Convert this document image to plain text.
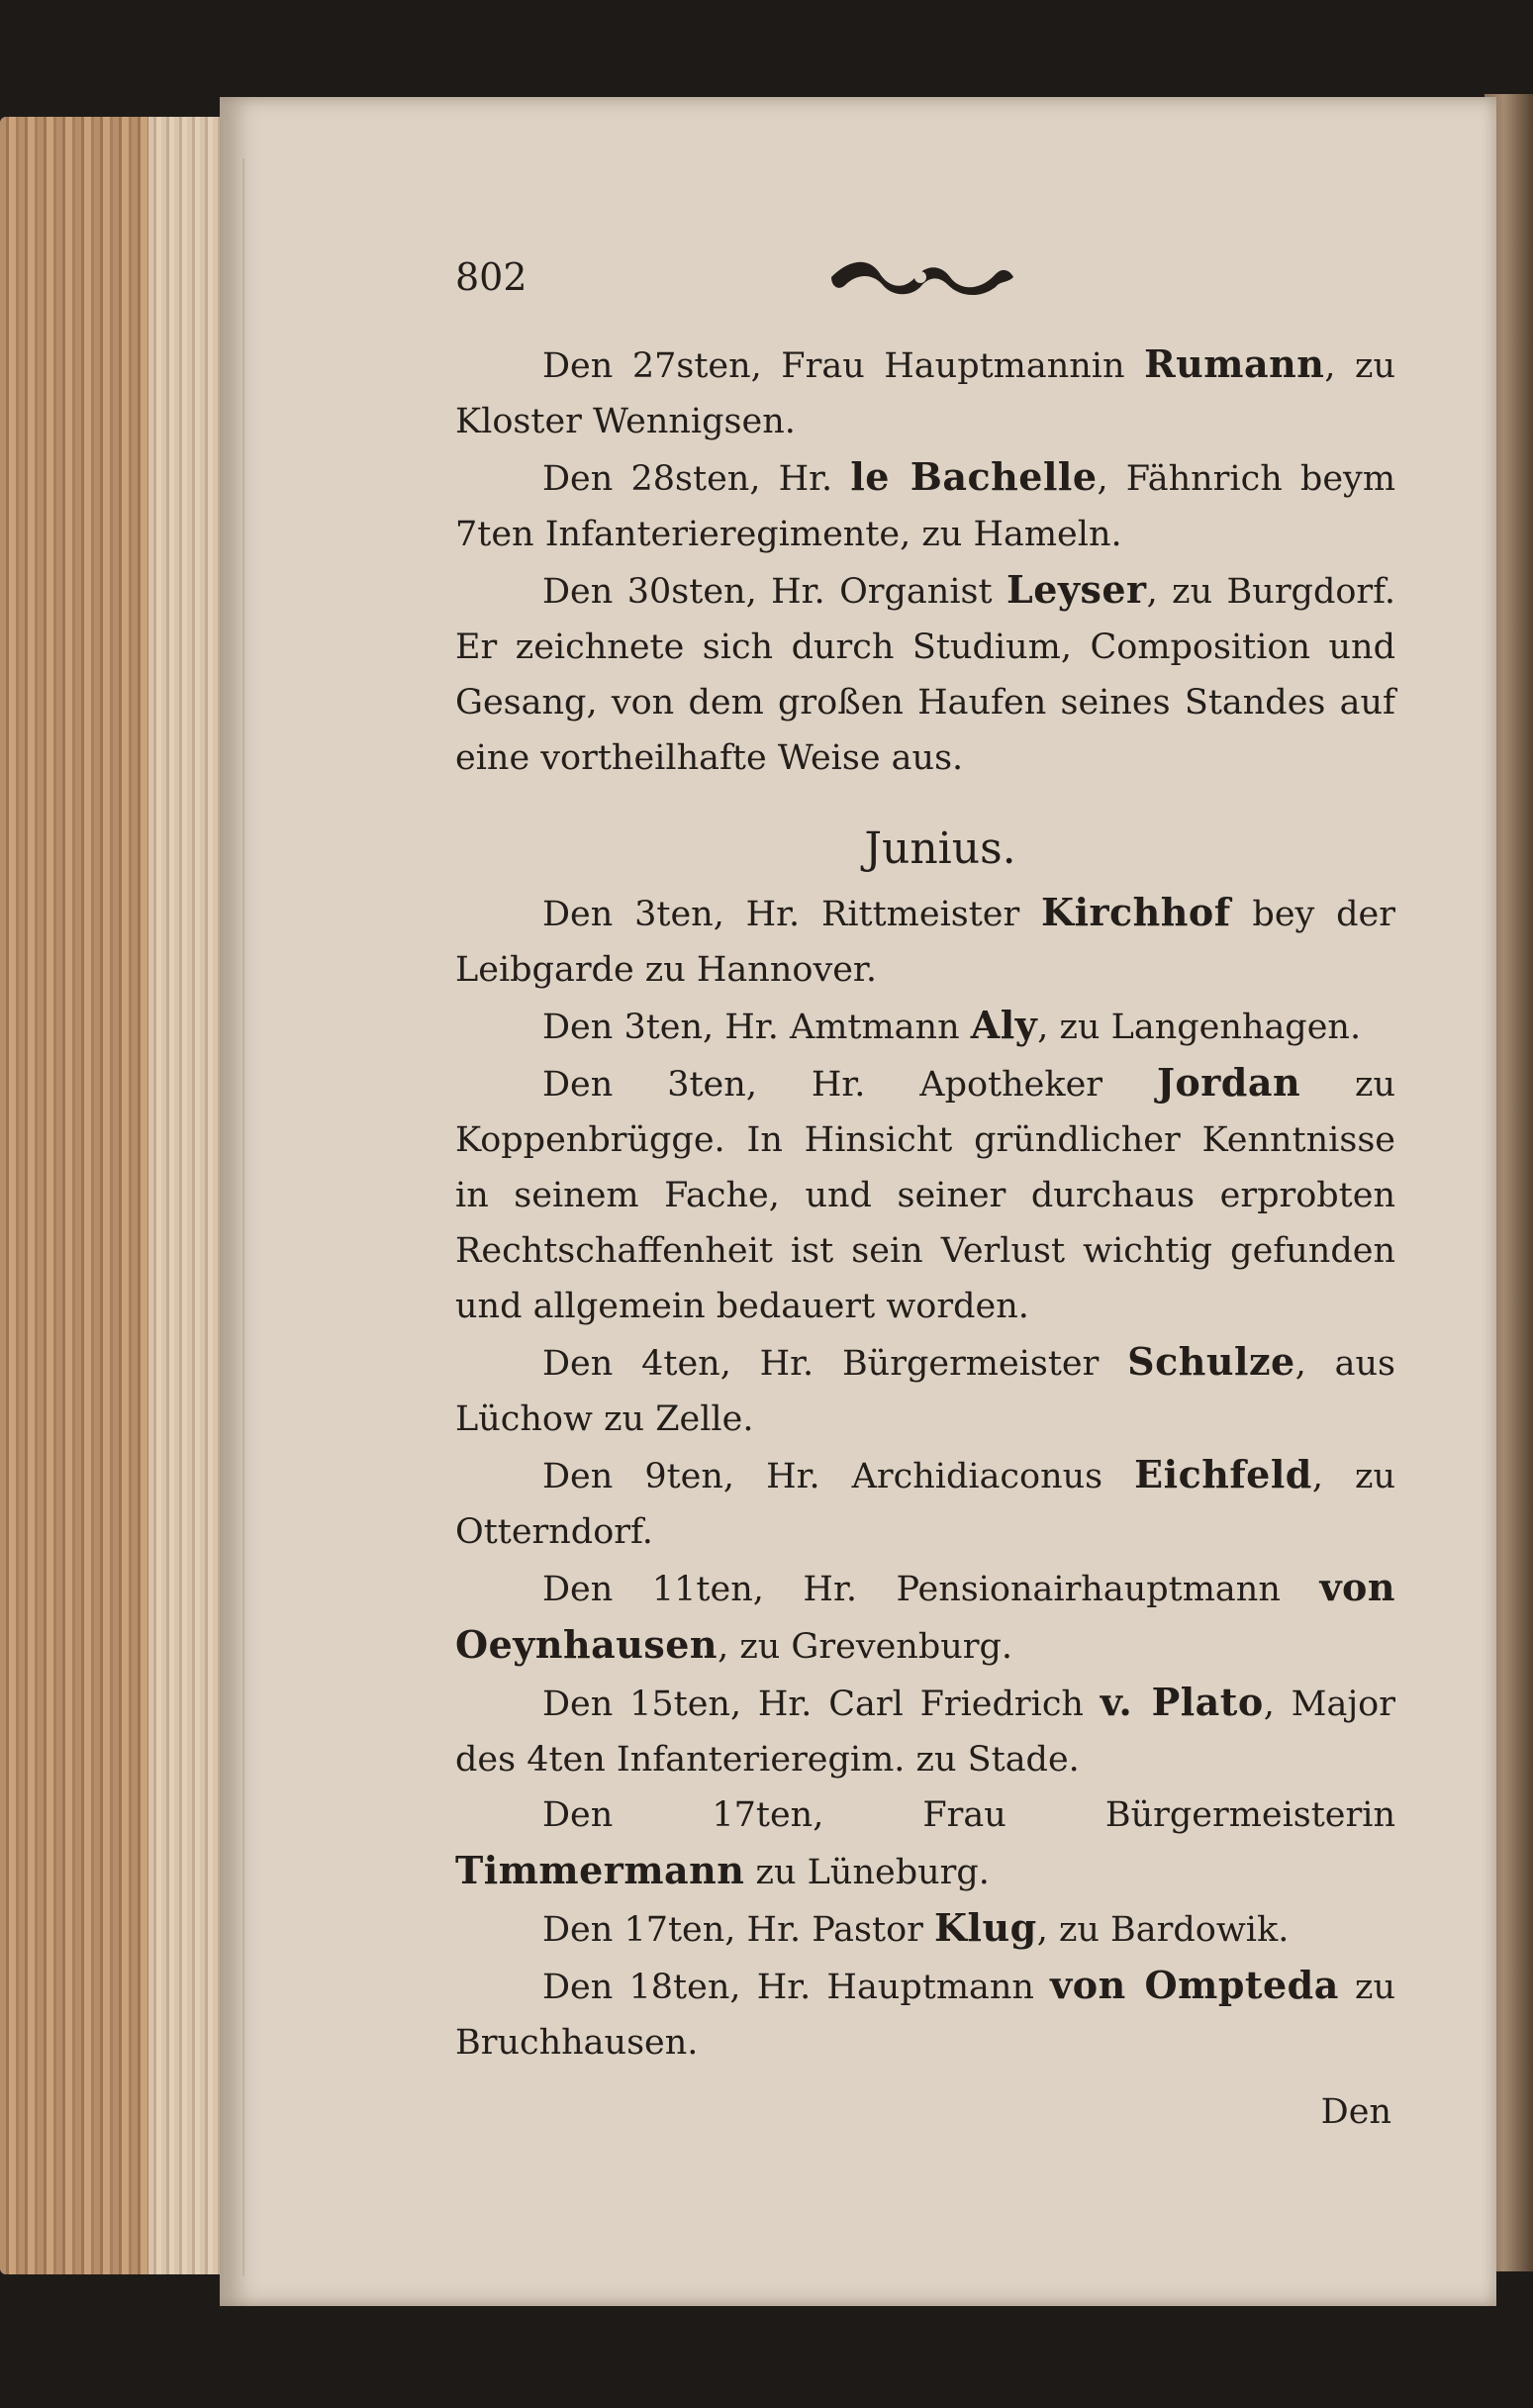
802

Den 27sten, Frau Hauptmannin Rumann, zu Kloster Wennigsen.

Den 28sten, Hr. le Bachelle, Fähnrich beym 7ten Infanterieregimente, zu Hameln.

Den 30sten, Hr. Organist Leyser, zu Burgdorf. Er zeichnete sich durch Studium, Composition und Gesang, von dem großen Haufen seines Standes auf eine vortheilhafte Weise aus.

Junius.

Den 3ten, Hr. Rittmeister Kirchhof bey der Leibgarde zu Hannover.

Den 3ten, Hr. Amtmann Aly, zu Langenhagen.

Den 3ten, Hr. Apotheker Jordan zu Koppenbrügge. In Hinsicht gründlicher Kenntnisse in seinem Fache, und seiner durchaus erprobten Rechtschaffenheit ist sein Verlust wichtig gefunden und allgemein bedauert worden.

Den 4ten, Hr. Bürgermeister Schulze, aus Lüchow zu Zelle.

Den 9ten, Hr. Archidiaconus Eichfeld, zu Otterndorf.

Den 11ten, Hr. Pensionairhauptmann von Oeynhausen, zu Grevenburg.

Den 15ten, Hr. Carl Friedrich v. Plato, Major des 4ten Infanterieregim. zu Stade.

Den 17ten, Frau Bürgermeisterin Timmermann zu Lüneburg.

Den 17ten, Hr. Pastor Klug, zu Bardowik.

Den 18ten, Hr. Hauptmann von Ompteda zu Bruchhausen.

Den
